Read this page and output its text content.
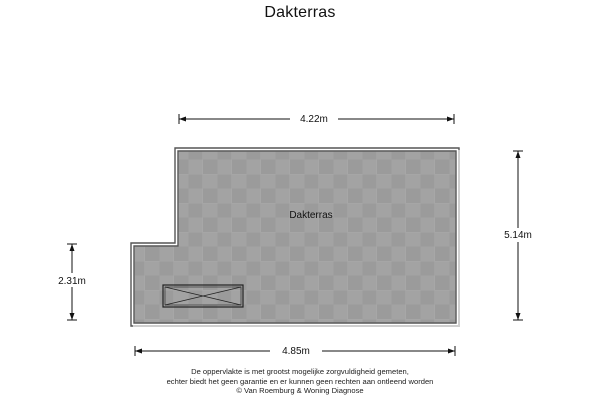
Dakterras
Dakterras
4.22m
4.85m
5.14m
2.31m
De oppervlakte is met grootst mogelijke zorgvuldigheid gemeten,
echter biedt het geen garantie en er kunnen geen rechten aan ontleend worden
© Van Roemburg & Woning Diagnose
